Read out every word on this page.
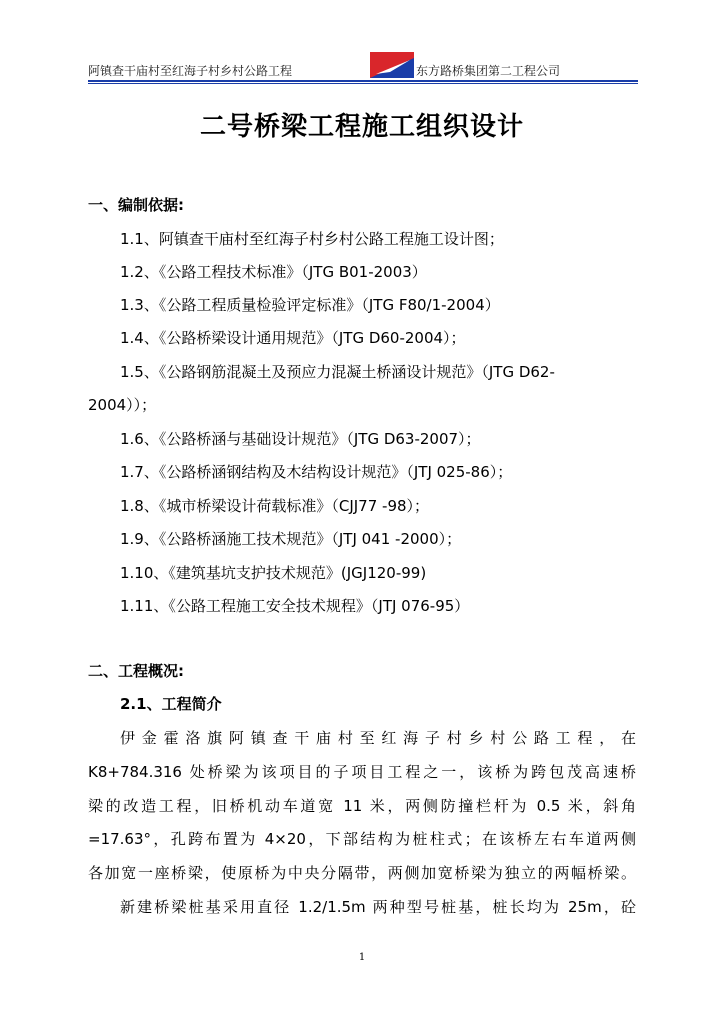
阿镇查干庙村至红海子村乡村公路工程	东方路桥集团第二工程公司
二号桥梁工程施工组织设计
一、编制依据:
1.1、阿镇查干庙村至红海子村乡村公路工程施工设计图；
1.2、《公路工程技术标准》（JTG B01-2003）
1.3、《公路工程质量检验评定标准》（JTG F80/1-2004）
1.4、《公路桥梁设计通用规范》（JTG D60-2004）；
1.5、《公路钢筋混凝土及预应力混凝土桥涵设计规范》（JTG D62-
2004））；
1.6、《公路桥涵与基础设计规范》（JTG D63-2007）；
1.7、《公路桥涵钢结构及木结构设计规范》（JTJ 025-86）；
1.8、《城市桥梁设计荷载标准》（CJJ77 -98）；
1.9、《公路桥涵施工技术规范》（JTJ 041 -2000）；
1.10、《建筑基坑支护技术规范》(JGJ120-99)
1.11、《公路工程施工安全技术规程》（JTJ 076-95）
二、工程概况:
2.1、工程简介
伊金霍洛旗阿镇查干庙村至红海子村乡村公路工程，在
K8+784.316 处桥梁为该项目的子项目工程之一，该桥为跨包茂高速桥
梁的改造工程，旧桥机动车道宽 11 米，两侧防撞栏杆为 0.5 米，斜角
=17.63°，孔跨布置为 4×20，下部结构为桩柱式；在该桥左右车道两侧
各加宽一座桥梁，使原桥为中央分隔带，两侧加宽桥梁为独立的两幅桥梁。
新建桥梁桩基采用直径 1.2/1.5m 两种型号桩基，桩长均为 25m，砼
1
